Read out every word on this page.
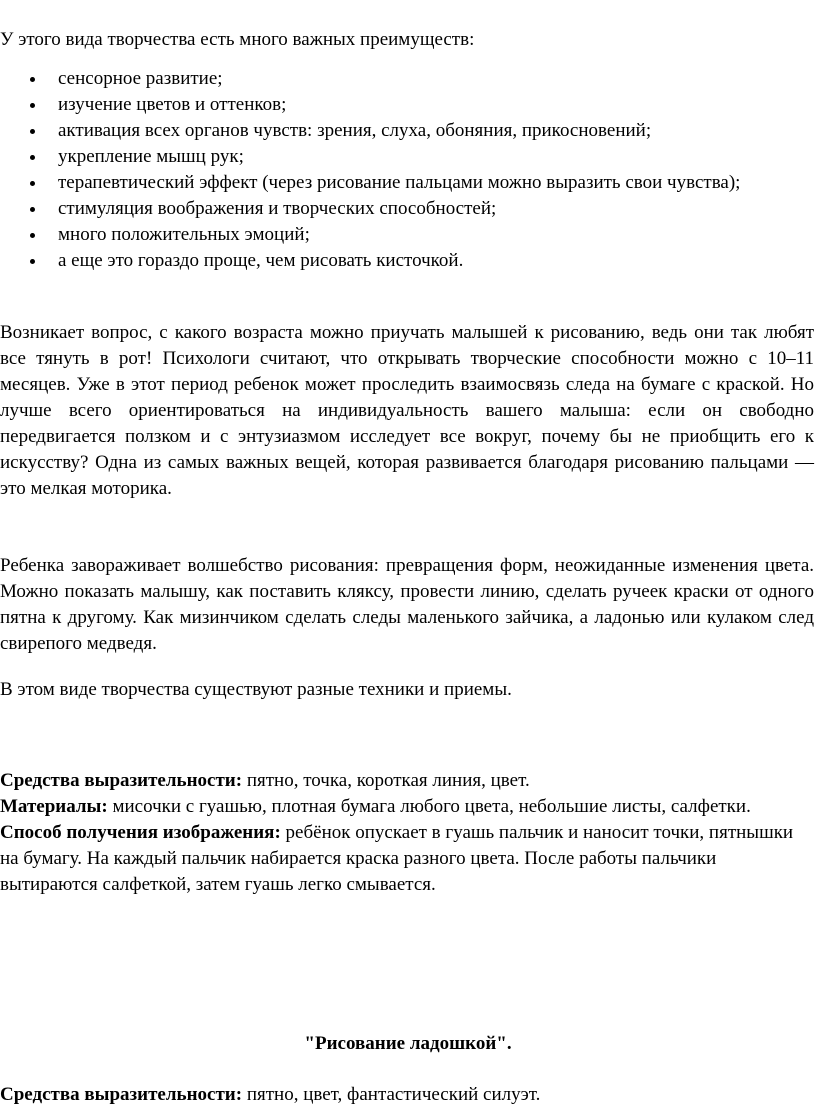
У этого вида творчества есть много важных преимуществ:
сенсорное развитие;
изучение цветов и оттенков;
активация всех органов чувств: зрения, слуха, обоняния, прикосновений;
укрепление мышц рук;
терапевтический эффект (через рисование пальцами можно выразить свои чувства);
стимуляция воображения и творческих способностей;
много положительных эмоций;
а еще это гораздо проще, чем рисовать кисточкой.

Возникает вопрос, с какого возраста можно приучать малышей к рисованию, ведь они так любят все тянуть в рот! Психологи считают, что открывать творческие способности можно с 10–11 месяцев. Уже в этот период ребенок может проследить взаимосвязь следа на бумаге с краской. Но лучше всего ориентироваться на индивидуальность вашего малыша: если он свободно передвигается ползком и с энтузиазмом исследует все вокруг, почему бы не приобщить его к искусству? Одна из самых важных вещей, которая развивается благодаря рисованию пальцами — это мелкая моторика.

Ребенка завораживает волшебство рисования: превращения форм, неожиданные изменения цвета. Можно показать малышу, как поставить кляксу, провести линию, сделать ручеек краски от одного пятна к другому. Как мизинчиком сделать следы маленького зайчика, а ладонью или кулаком след свирепого медведя.

В этом виде творчества существуют разные техники и приемы.

Средства выразительности: пятно, точка, короткая линия, цвет.

Материалы: мисочки с гуашью, плотная бумага любого цвета, небольшие листы, салфетки.

Способ получения изображения: ребёнок опускает в гуашь пальчик и наносит точки, пятнышки на бумагу. На каждый пальчик набирается краска разного цвета. После работы пальчики вытираются салфеткой, затем гуашь легко смывается.

"Рисование ладошкой".
Средства выразительности: пятно, цвет, фантастический силуэт.
